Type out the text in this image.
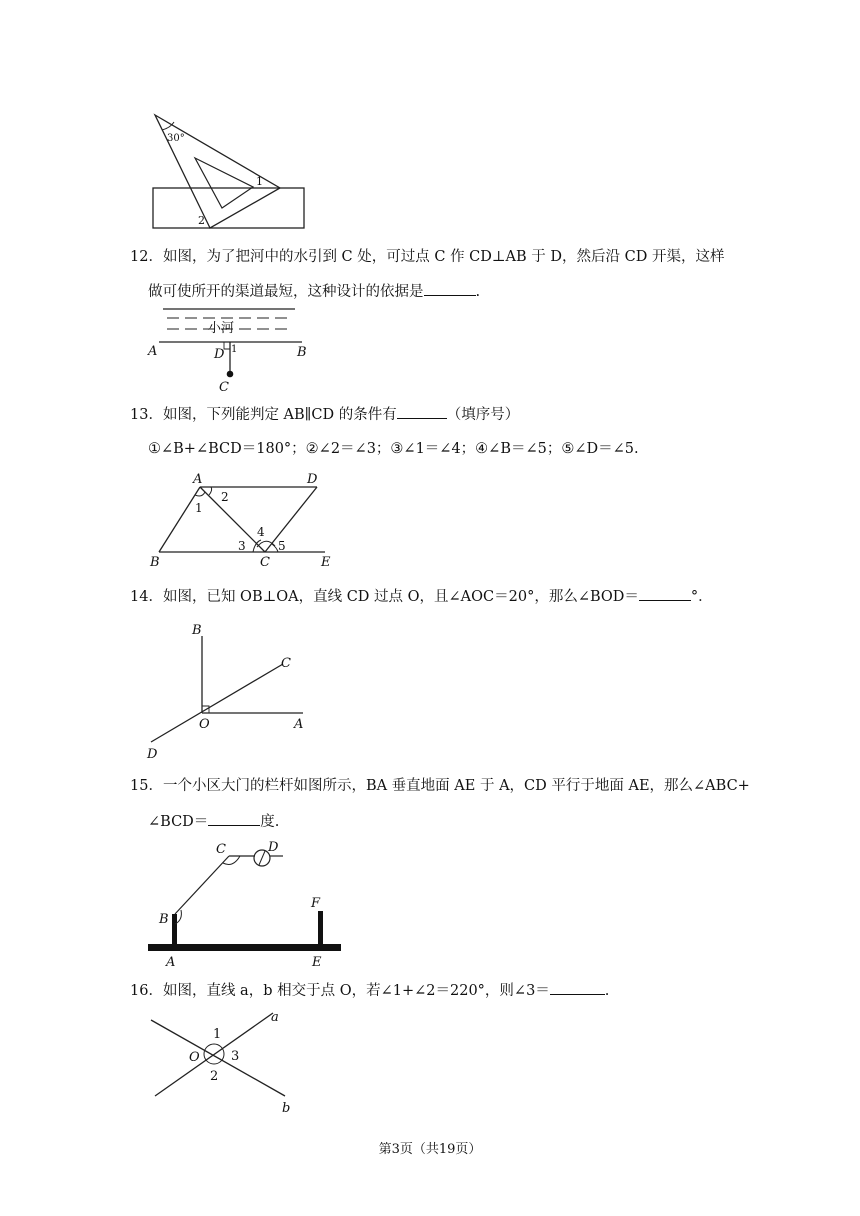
30°
1
2
12．如图，为了把河中的水引到 C 处，可过点 C 作 CD⊥AB 于 D，然后沿 CD 开渠，这样
做可使所开的渠道最短，这种设计的依据是	.
小河
A	B
D 1
C
13．如图，下列能判定 AB∥CD 的条件有	（填序号）
①∠B+∠BCD＝180°；②∠2＝∠3；③∠1＝∠4；④∠B＝∠5；⑤∠D＝∠5.
A	D
B	C	E
1
2
3
4
5
14．如图，已知 OB⊥OA，直线 CD 过点 O，且∠AOC＝20°，那么∠BOD＝	°．
B
C
O	A
D
15．一个小区大门的栏杆如图所示，BA 垂直地面 AE 于 A，CD 平行于地面 AE，那么∠ABC+
∠BCD＝	度.
C	D
B
F
A	E
16．如图，直线 a，b 相交于点 O，若∠1+∠2＝220°，则∠3＝	.
a
b
O
1
2
3
第3页（共19页）
